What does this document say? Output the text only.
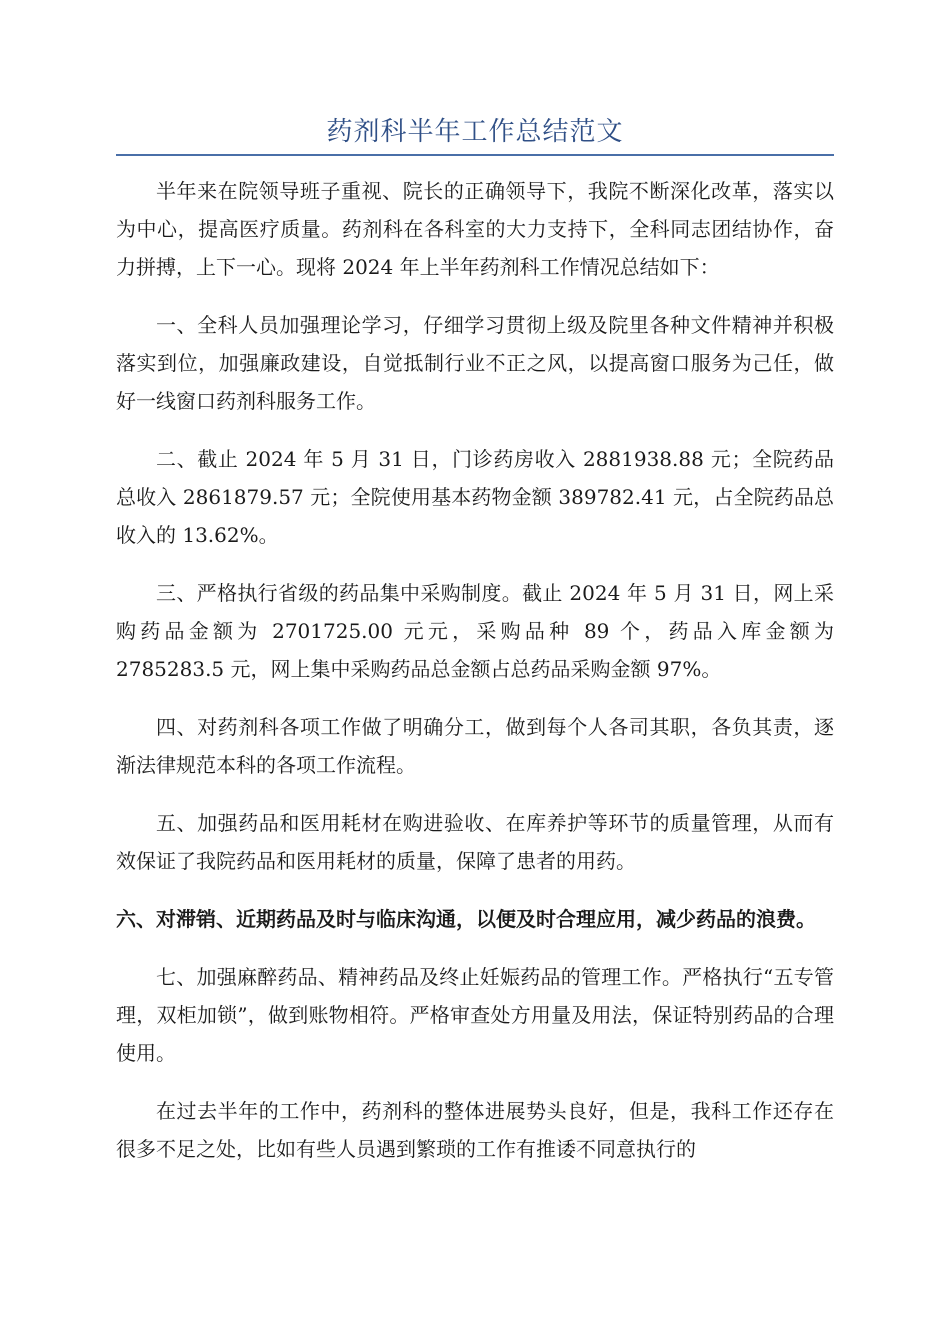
药剂科半年工作总结范文

半年来在院领导班子重视、院长的正确领导下，我院不断深化改革，落实以为中心，提高医疗质量。药剂科在各科室的大力支持下，全科同志团结协作，奋力拼搏，上下一心。现将 2024 年上半年药剂科工作情况总结如下：

一、全科人员加强理论学习，仔细学习贯彻上级及院里各种文件精神并积极落实到位，加强廉政建设，自觉抵制行业不正之风，以提高窗口服务为己任，做好一线窗口药剂科服务工作。

二、截止 2024 年 5 月 31 日，门诊药房收入 2881938.88 元；全院药品总收入 2861879.57 元；全院使用基本药物金额 389782.41 元，占全院药品总收入的 13.62%。

三、严格执行省级的药品集中采购制度。截止 2024 年 5 月 31 日，网上采购药品金额为 2701725.00 元元，采购品种 89 个，药品入库金额为 2785283.5 元，网上集中采购药品总金额占总药品采购金额 97%。

四、对药剂科各项工作做了明确分工，做到每个人各司其职，各负其责，逐渐法律规范本科的各项工作流程。

五、加强药品和医用耗材在购进验收、在库养护等环节的质量管理，从而有效保证了我院药品和医用耗材的质量，保障了患者的用药。

六、对滞销、近期药品及时与临床沟通，以便及时合理应用，减少药品的浪费。

七、加强麻醉药品、精神药品及终止妊娠药品的管理工作。严格执行“五专管理，双柜加锁”，做到账物相符。严格审查处方用量及用法，保证特别药品的合理使用。

在过去半年的工作中，药剂科的整体进展势头良好，但是，我科工作还存在很多不足之处，比如有些人员遇到繁琐的工作有推诿不同意执行的
